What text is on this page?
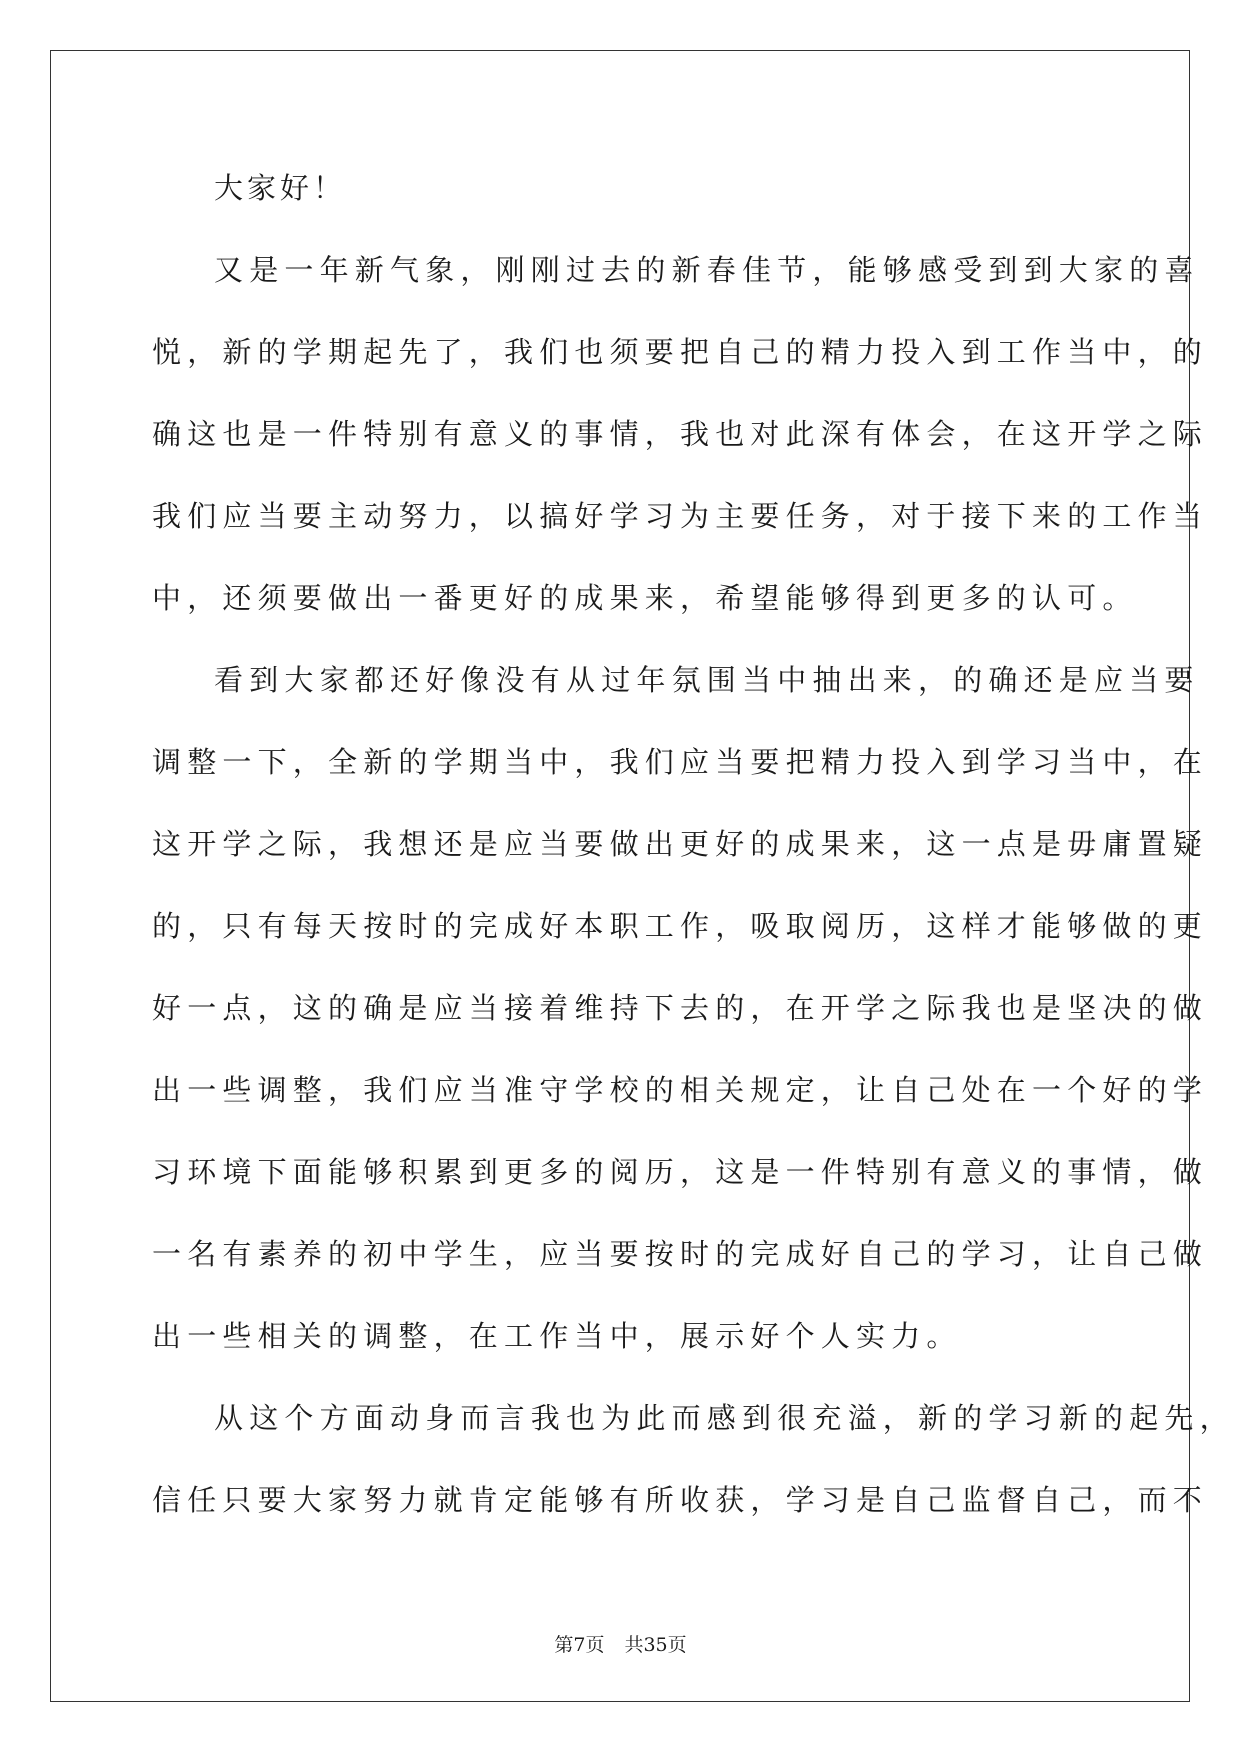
大家好！
又是一年新气象，刚刚过去的新春佳节，能够感受到到大家的喜
悦，新的学期起先了，我们也须要把自己的精力投入到工作当中，的
确这也是一件特别有意义的事情，我也对此深有体会，在这开学之际
我们应当要主动努力，以搞好学习为主要任务，对于接下来的工作当
中，还须要做出一番更好的成果来，希望能够得到更多的认可。
看到大家都还好像没有从过年氛围当中抽出来，的确还是应当要
调整一下，全新的学期当中，我们应当要把精力投入到学习当中，在
这开学之际，我想还是应当要做出更好的成果来，这一点是毋庸置疑
的，只有每天按时的完成好本职工作，吸取阅历，这样才能够做的更
好一点，这的确是应当接着维持下去的，在开学之际我也是坚决的做
出一些调整，我们应当准守学校的相关规定，让自己处在一个好的学
习环境下面能够积累到更多的阅历，这是一件特别有意义的事情，做
一名有素养的初中学生，应当要按时的完成好自己的学习，让自己做
出一些相关的调整，在工作当中，展示好个人实力。
从这个方面动身而言我也为此而感到很充溢，新的学习新的起先，
信任只要大家努力就肯定能够有所收获，学习是自己监督自己，而不
第7页 共35页
